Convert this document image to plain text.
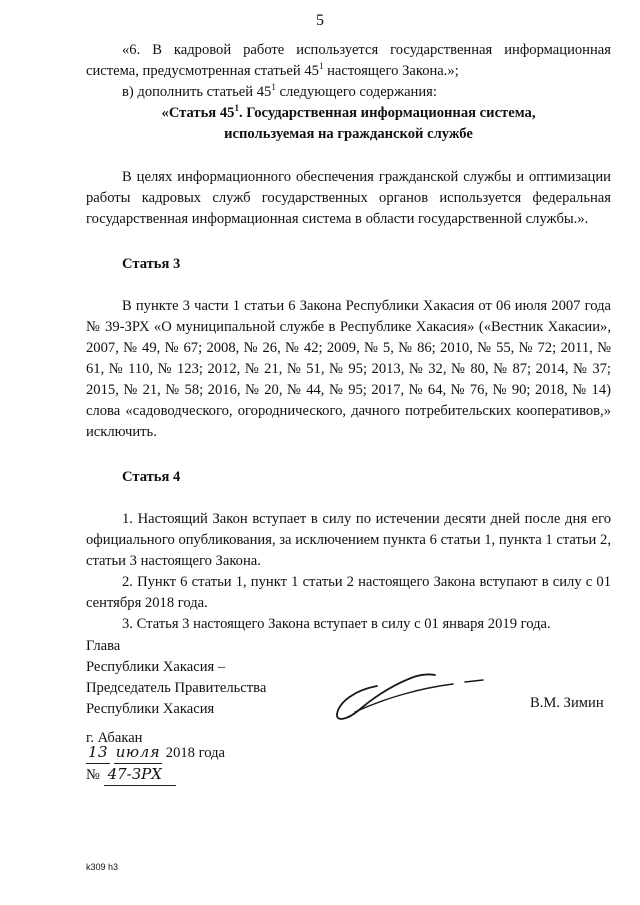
5

«6. В кадровой работе используется государственная информационная система, предусмотренная статьей $45^1$ настоящего Закона.»;

в) дополнить статьей $45^1$ следующего содержания:

«Статья $45^1$. Государственная информационная система,

используемая на гражданской службе

В целях информационного обеспечения гражданской службы и оптимизации работы кадровых служб государственных органов используется федеральная государственная информационная система в области государственной службы.».

Статья 3

В пункте 3 части 1 статьи 6 Закона Республики Хакасия от 06 июля 2007 года № 39-ЗРХ «О муниципальной службе в Республике Хакасия» («Вестник Хакасии», 2007, № 49, № 67; 2008, № 26, № 42; 2009, № 5, № 86; 2010, № 55, № 72; 2011, № 61, № 110, № 123; 2012, № 21, № 51, № 95; 2013, № 32, № 80, № 87; 2014, № 37; 2015, № 21, № 58; 2016, № 20, № 44, № 95; 2017, № 64, № 76, № 90; 2018, № 14) слова «садоводческого, огороднического, дачного потребительских кооперативов,» исключить.

Статья 4

1. Настоящий Закон вступает в силу по истечении десяти дней после дня его официального опубликования, за исключением пункта 6 статьи 1, пункта 1 статьи 2, статьи 3 настоящего Закона.

2. Пункт 6 статьи 1, пункт 1 статьи 2 настоящего Закона вступают в силу с 01 сентября 2018 года.

3. Статья 3 настоящего Закона вступает в силу с 01 января 2019 года.

Глава
Республики Хакасия –
Председатель Правительства
Республики Хакасия	В.М. Зимин
г. Абакан
13 июля 2018 года
№ 47-ЗРХ
k309 h3
